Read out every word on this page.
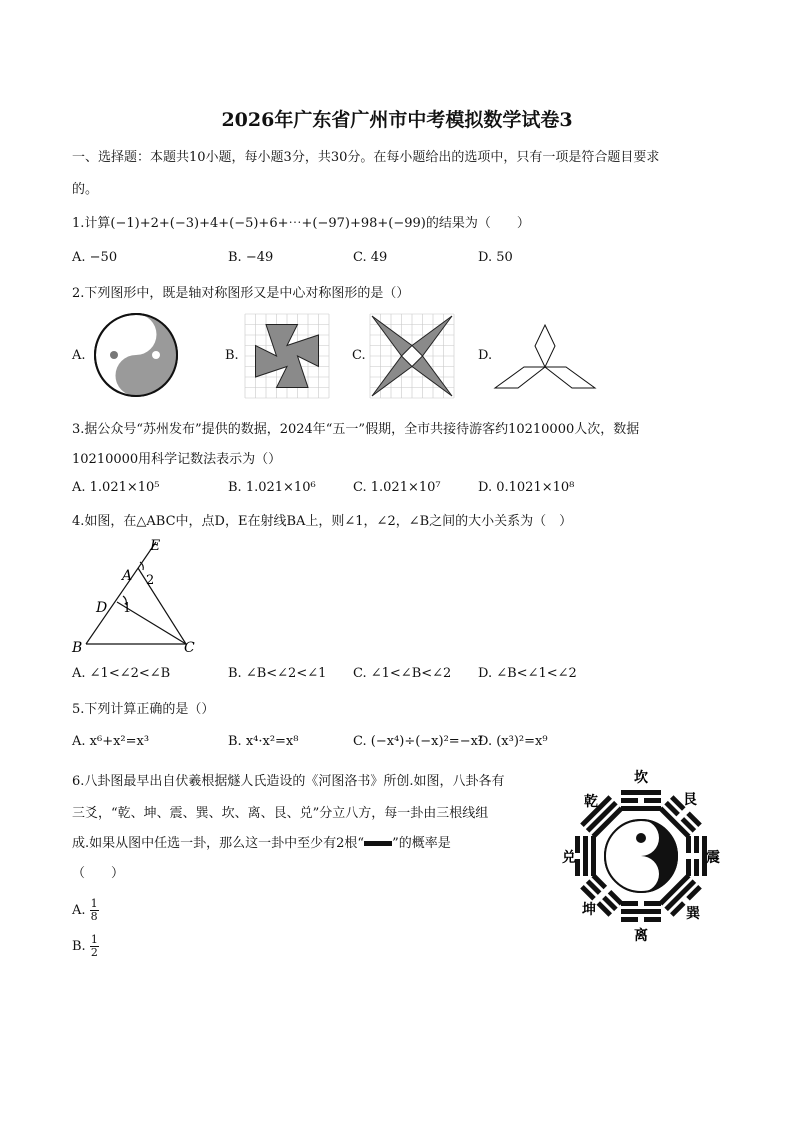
2026年广东省广州市中考模拟数学试卷3
一、选择题：本题共10小题，每小题3分，共30分。在每小题给出的选项中，只有一项是符合题目要求
的。
1.计算(−1)+2+(−3)+4+(−5)+6+⋯+(−97)+98+(−99)的结果为（　　）
A. −50	B. −49	C. 49	D. 50
2.下列图形中，既是轴对称图形又是中心对称图形的是（）
A.	B.	C.	D.
3.据公众号“苏州发布”提供的数据，2024年“五一”假期，全市共接待游客约10210000人次，数据
10210000用科学记数法表示为（）
A. 1.021×10⁵	B. 1.021×10⁶	C. 1.021×10⁷	D. 0.1021×10⁸
4.如图，在△ABC中，点D，E在射线BA上，则∠1，∠2，∠B之间的大小关系为（　）
E
A 2
D 1
B	C
A. ∠1<∠2<∠B	B. ∠B<∠2<∠1 C. ∠1<∠B<∠2 D. ∠B<∠1<∠2
5.下列计算正确的是（）
A. x⁶+x²=x³	B. x⁴·x²=x⁸	C. (−x⁴)÷(−x)²=−x²
D. (x³)²=x⁹
6.八卦图最早出自伏羲根据燧人氏造设的《河图洛书》所创.如图，八卦各有
三爻，“乾、坤、震、巽、坎、离、艮、兑”分立八方，每一卦由三根线组
成.如果从图中任选一卦，那么这一卦中至少有2根“ ”的概率是
（　　）
A. $\frac{1}{8}$
B. $\frac{1}{2}$
坎
艮
震
巽
离
坤
兑
乾
